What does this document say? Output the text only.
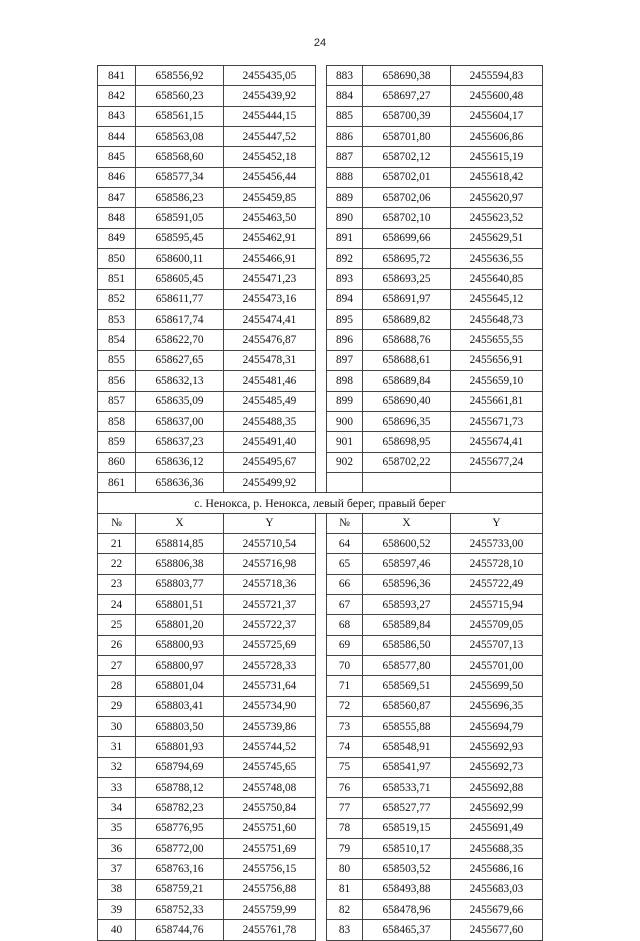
24
841	658556,92	2455435,05		883	658690,38	2455594,83
842	658560,23	2455439,92		884	658697,27	2455600,48
843	658561,15	2455444,15		885	658700,39	2455604,17
844	658563,08	2455447,52		886	658701,80	2455606,86
845	658568,60	2455452,18		887	658702,12	2455615,19
846	658577,34	2455456,44		888	658702,01	2455618,42
847	658586,23	2455459,85		889	658702,06	2455620,97
848	658591,05	2455463,50		890	658702,10	2455623,52
849	658595,45	2455462,91		891	658699,66	2455629,51
850	658600,11	2455466,91		892	658695,72	2455636,55
851	658605,45	2455471,23		893	658693,25	2455640,85
852	658611,77	2455473,16		894	658691,97	2455645,12
853	658617,74	2455474,41		895	658689,82	2455648,73
854	658622,70	2455476,87		896	658688,76	2455655,55
855	658627,65	2455478,31		897	658688,61	2455656,91
856	658632,13	2455481,46		898	658689,84	2455659,10
857	658635,09	2455485,49		899	658690,40	2455661,81
858	658637,00	2455488,35		900	658696,35	2455671,73
859	658637,23	2455491,40		901	658698,95	2455674,41
860	658636,12	2455495,67		902	658702,22	2455677,24
861	658636,36	2455499,92				
с. Ненокса, р. Ненокса, левый берег, правый берег						
№	X	Y		№	X	Y
21	658814,85	2455710,54		64	658600,52	2455733,00
22	658806,38	2455716,98		65	658597,46	2455728,10
23	658803,77	2455718,36		66	658596,36	2455722,49
24	658801,51	2455721,37		67	658593,27	2455715,94
25	658801,20	2455722,37		68	658589,84	2455709,05
26	658800,93	2455725,69		69	658586,50	2455707,13
27	658800,97	2455728,33		70	658577,80	2455701,00
28	658801,04	2455731,64		71	658569,51	2455699,50
29	658803,41	2455734,90		72	658560,87	2455696,35
30	658803,50	2455739,86		73	658555,88	2455694,79
31	658801,93	2455744,52		74	658548,91	2455692,93
32	658794,69	2455745,65		75	658541,97	2455692,73
33	658788,12	2455748,08		76	658533,71	2455692,88
34	658782,23	2455750,84		77	658527,77	2455692,99
35	658776,95	2455751,60		78	658519,15	2455691,49
36	658772,00	2455751,69		79	658510,17	2455688,35
37	658763,16	2455756,15		80	658503,52	2455686,16
38	658759,21	2455756,88		81	658493,88	2455683,03
39	658752,33	2455759,99		82	658478,96	2455679,66
40	658744,76	2455761,78		83	658465,37	2455677,60
